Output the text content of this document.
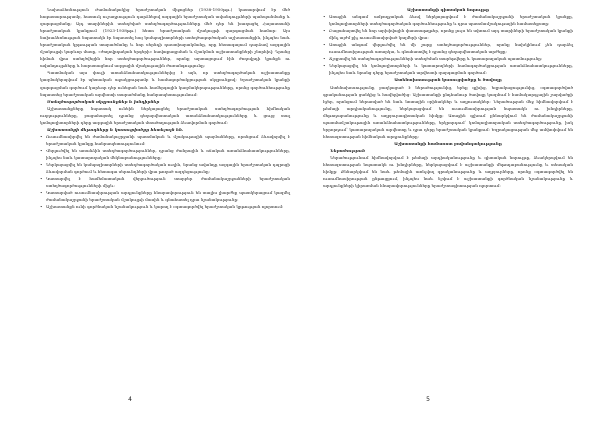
Նախաձեռնություն Ժամանակակից երաժշտական միջոցներ (1938-1950թթ.) կատարվում էր մեծ հոգատարությամբ, հատուկ ուշադրություն դարձնելով ազգային երաժշտական ավանդույթների պահպանմանը և զարգացմանը: Այդ տարիներին ստեղծված ստեղծագործությունները մեծ դեր են խաղացել Հայաստանի երաժշտական կյանքում (1923-1938թթ.) հետո երաժշտական մշակույթի զարգացման համար: Այս նախաձեռնության նպատակն էր նպաստել հայ կոմպոզիտորների ստեղծագործական աշխատանքին, ինչպես նաև երաժշտական կրթության տարածմանը և նոր սերնդի դաստիարակմանը, որը հետագայում դարձավ ազգային մշակույթի կարևոր մասը, «ժողովրդական երգերի» հավաքագրման և մշակման աշխատանքների շնորհիվ: Դրանց հիման վրա ստեղծվեցին նոր ստեղծագործություններ, որոնք արտացոլում էին ժողովրդի կյանքն ու ավանդույթները և հարստացնում ազգային մշակութային ժառանգությունը:

Պատմական այս փուլի առանձնահատկություններից է այն, որ ստեղծագործական աշխատանքը կազմակերպվում էր պետական աջակցությամբ և համագործակցության սկզբունքով: Երաժշտական կյանքի զարգացման գործում կարևոր դեր ունեցան նաև համերգային կազմակերպությունները, որոնց գործունեությունը նպաստեց երաժշտական արվեստի տարածմանը հանրապետությունում:

Ստեղծագործական սկզբունքներ և խնդիրներ

Աշխատանքները նպատակ ունեին ներկայացնել երաժշտական ստեղծագործության հիմնական ուղղությունները, բացահայտել դրանց գեղարվեստական առանձնահատկությունները և ցույց տալ կոմպոզիտորների դերը ազգային երաժշտական մտածողության ձևավորման գործում:

Աշխատանքի մեթոդները և կառուցվածքը հետևյալն են.

• Ուսումնասիրվել են ժամանակաշրջանի պատմական և մշակութային պայմանները, որոնցում ձևավորվել է երաժշտական կյանքը հանրապետությունում:

• Վերլուծվել են առանձին ստեղծագործություններ, դրանց ժանրային և ոճական առանձնահատկությունները, ինչպես նաև կատարողական մեկնաբանությունները:

• Ներկայացվել են կոմպոզիտորների ստեղծագործական ուղին, նրանց ավանդը ազգային երաժշտական դպրոցի ձևավորման գործում և հետագա սերունդների վրա թողած ազդեցությունը:

• Կատարվել է համեմատական վերլուծություն տարբեր ժամանակաշրջանների երաժշտական ստեղծագործությունների միջև:

• Կատարված ուսումնասիրության արդյունքները հնարավորություն են տալիս լիարժեք պատկերացում կազմել ժամանակաշրջանի երաժշտական մշակույթի մասին և գնահատել դրա նշանակությունը:

• Աշխատանքն ունի գործնական նշանակություն և կարող է օգտագործվել երաժշտական կրթության ոլորտում:

4

Աշխատանքի գիտական նորույթը

• Առաջին անգամ ամբողջական ձևով ներկայացվում է ժամանակաշրջանի երաժշտական կյանքը, կոմպոզիտորների ստեղծագործական գործունեությունը և դրա պատմամշակութային համատեքստը:

• Բացահայտվել են նոր արխիվային փաստաթղթեր, որոնք լույս են սփռում այդ տարիների երաժշտական կյանքի մինչ այժմ քիչ ուսումնասիրված կողմերի վրա:

• Առաջին անգամ վերլուծվել են մի շարք ստեղծագործություններ, որոնք նախկինում չեն դարձել ուսումնասիրության առարկա, և գնահատվել է դրանց գեղարվեստական արժեքը:

• Ճշգրտվել են ստեղծագործությունների ստեղծման տարեթվերը և կատարողական պատմությունը:

• Ներկայացվել են կոմպոզիտորների և կատարողների համագործակցության առանձնահատկությունները, ինչպես նաև նրանց դերը երաժշտական արվեստի զարգացման գործում:

Ատենախոսության կառուցվածքը և ծավալը

Ատենախոսությունը բաղկացած է ներածությունից, երեք գլխից, եզրակացությունից, օգտագործված գրականության ցանկից և հավելվածից: Աշխատանքի ընդհանուր ծավալը կազմում է համակարգչային շարվածքի էջեր, որոնցում ներառված են նաև նոտային օրինակներ և աղյուսակներ: Ներածության մեջ հիմնավորվում է թեմայի արդիականությունը, ներկայացվում են ուսումնասիրության նպատակն ու խնդիրները, մեթոդաբանությունը և աղբյուրագիտական հիմքը: Առաջին գլխում քննարկվում են ժամանակաշրջանի պատմամշակութային առանձնահատկությունները, երկրորդում՝ կոմպոզիտորական ստեղծագործությունը, իսկ երրորդում՝ կատարողական արվեստը և դրա դերը երաժշտական կյանքում: Եզրակացության մեջ ամփոփվում են հետազոտության հիմնական արդյունքները:

Աշխատանքի համառոտ բովանդակությունը

Ներածություն

Ներածությունում հիմնավորվում է թեմայի արդիականությունը և գիտական նորույթը, ձևակերպվում են հետազոտության նպատակն ու խնդիրները, ներկայացվում է աշխատանքի մեթոդաբանությունը և տեսական հիմքը: Քննարկվում են նաև թեմային առնչվող գրականությունը և աղբյուրները, որոնք օգտագործվել են ուսումնասիրության ընթացքում, ինչպես նաև նշվում է աշխատանքի գործնական նշանակությունը և արդյունքների կիրառման հնարավորությունները երաժշտագիտության ոլորտում:

5
